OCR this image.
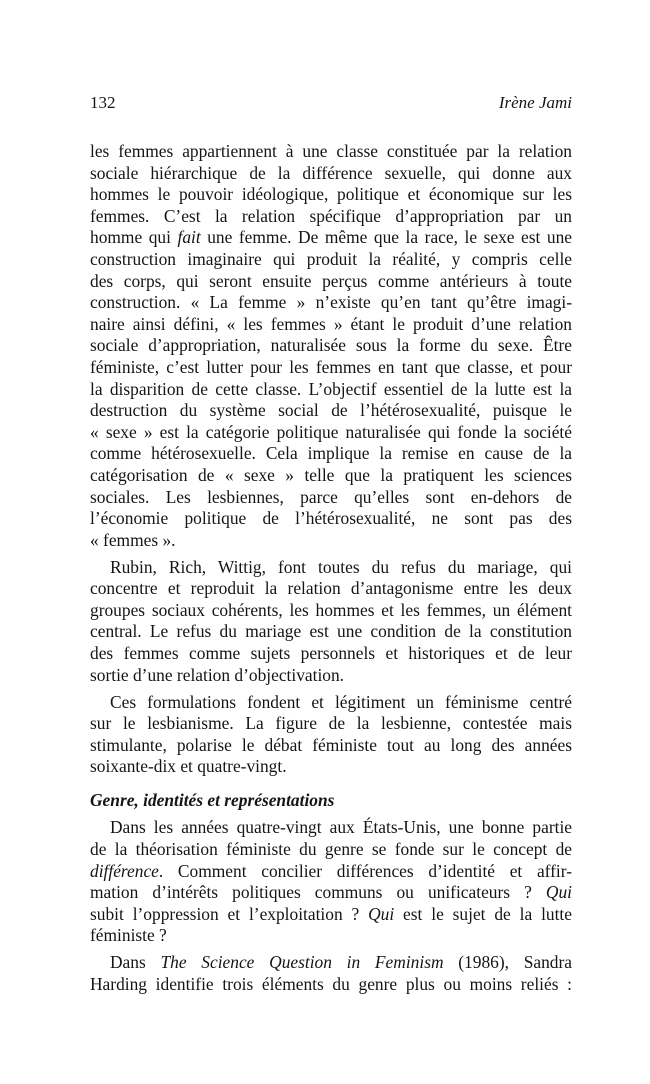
132	Irène Jami
les femmes appartiennent à une classe constituée par la relation
sociale hiérarchique de la différence sexuelle, qui donne aux
hommes le pouvoir idéologique, politique et économique sur les
femmes. C’est la relation spécifique d’appropriation par un
homme qui fait une femme. De même que la race, le sexe est une
construction imaginaire qui produit la réalité, y compris celle
des corps, qui seront ensuite perçus comme antérieurs à toute
construction. « La femme » n’existe qu’en tant qu’être imagi-
naire ainsi défini, « les femmes » étant le produit d’une relation
sociale d’appropriation, naturalisée sous la forme du sexe. Être
féministe, c’est lutter pour les femmes en tant que classe, et pour
la disparition de cette classe. L’objectif essentiel de la lutte est la
destruction du système social de l’hétérosexualité, puisque le
« sexe » est la catégorie politique naturalisée qui fonde la société
comme hétérosexuelle. Cela implique la remise en cause de la
catégorisation de « sexe » telle que la pratiquent les sciences
sociales. Les lesbiennes, parce qu’elles sont en-dehors de
l’économie politique de l’hétérosexualité, ne sont pas des
« femmes ».
Rubin, Rich, Wittig, font toutes du refus du mariage, qui
concentre et reproduit la relation d’antagonisme entre les deux
groupes sociaux cohérents, les hommes et les femmes, un élément
central. Le refus du mariage est une condition de la constitution
des femmes comme sujets personnels et historiques et de leur
sortie d’une relation d’objectivation.
Ces formulations fondent et légitiment un féminisme centré
sur le lesbianisme. La figure de la lesbienne, contestée mais
stimulante, polarise le débat féministe tout au long des années
soixante-dix et quatre-vingt.
Genre, identités et représentations
Dans les années quatre-vingt aux États-Unis, une bonne partie
de la théorisation féministe du genre se fonde sur le concept de
différence. Comment concilier différences d’identité et affir-
mation d’intérêts politiques communs ou unificateurs ? Qui
subit l’oppression et l’exploitation ? Qui est le sujet de la lutte
féministe ?
Dans The Science Question in Feminism (1986), Sandra
Harding identifie trois éléments du genre plus ou moins reliés :
